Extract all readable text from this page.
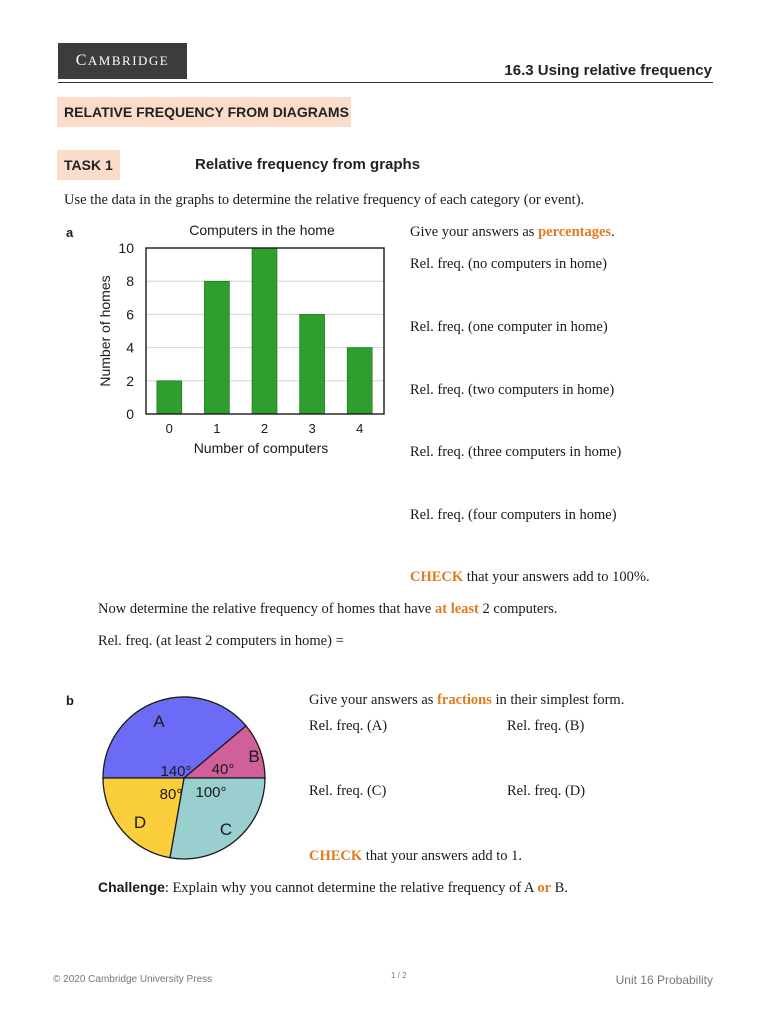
C AMBRIDGE
16.3 Using relative frequency
RELATIVE FREQUENCY FROM DIAGRAMS
TASK 1	Relative frequency from graphs
Use the data in the graphs to determine the relative frequency of each category (or event).
a	Computers in the home
0
2
4
6
8
10
0	1	2	3	4
Number of computers
Number of homes
Give your answers as percentages.
Rel. freq. (no computers in home)
Rel. freq. (one computer in home)
Rel. freq. (two computers in home)
Rel. freq. (three computers in home)
Rel. freq. (four computers in home)
CHECK that your answers add to 100%.
Now determine the relative frequency of homes that have at least 2 computers.
Rel. freq. (at least 2 computers in home) =
b
A
B
C
D
140° 40°
100°
80°
Give your answers as fractions in their simplest form.
Rel. freq. (A)	Rel. freq. (B)
Rel. freq. (C)	Rel. freq. (D)
CHECK that your answers add to 1.
Challenge: Explain why you cannot determine the relative frequency of A or B.
© 2020 Cambridge University Press	1 / 2	Unit 16 Probability
